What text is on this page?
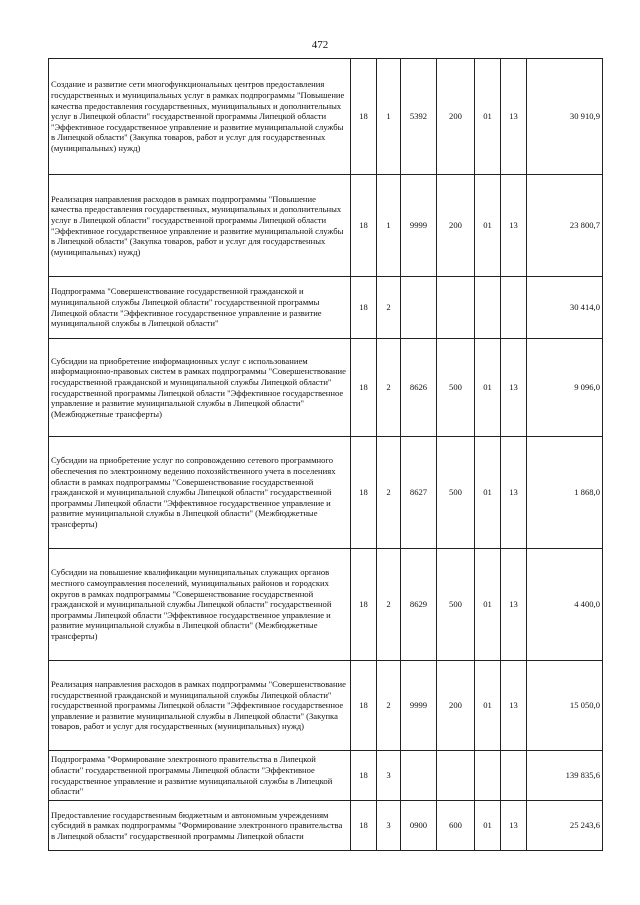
472
Создание и развитие сети многофункциональных центров предоставления государственных и муниципальных услуг в рамках подпрограммы "Повышение качества предоставления государственных, муниципальных и дополнительных услуг в Липецкой области" государственной программы Липецкой области "Эффективное государственное управление и развитие муниципальной службы в Липецкой области" (Закупка товаров, работ и услуг для государственных (муниципальных) нужд)	18	1	5392	200	01	13	30 910,9
Реализация направления расходов в рамках подпрограммы "Повышение качества предоставления государственных, муниципальных и дополнительных услуг в Липецкой области" государственной программы Липецкой области "Эффективное государственное управление и развитие муниципальной службы в Липецкой области" (Закупка товаров, работ и услуг для государственных (муниципальных) нужд)	18	1	9999	200	01	13	23 800,7
Подпрограмма "Совершенствование государственной гражданской и муниципальной службы Липецкой области" государственной программы Липецкой области "Эффективное государственное управление и развитие муниципальной службы в Липецкой области"	18	2					30 414,0
Субсидии на приобретение информационных услуг с использованием информационно-правовых систем в рамках подпрограммы "Совершенствование государственной гражданской и муниципальной службы Липецкой области" государственной программы Липецкой области "Эффективное государственное управление и развитие муниципальной службы в Липецкой области" (Межбюджетные трансферты)	18	2	8626	500	01	13	9 096,0
Субсидии на приобретение услуг по сопровождению сетевого программного обеспечения по электронному ведению похозяйственного учета в поселениях области в рамках подпрограммы "Совершенствование государственной гражданской и муниципальной службы Липецкой области" государственной программы Липецкой области "Эффективное государственное управление и развитие муниципальной службы в Липецкой области" (Межбюджетные трансферты)	18	2	8627	500	01	13	1 868,0
Субсидии на повышение квалификации муниципальных служащих органов местного самоуправления поселений, муниципальных районов и городских округов в рамках подпрограммы "Совершенствование государственной гражданской и муниципальной службы Липецкой области" государственной программы Липецкой области "Эффективное государственное управление и развитие муниципальной службы в Липецкой области" (Межбюджетные трансферты)	18	2	8629	500	01	13	4 400,0
Реализация направления расходов в рамках подпрограммы "Совершенствование государственной гражданской и муниципальной службы Липецкой области" государственной программы Липецкой области "Эффективное государственное управление и развитие муниципальной службы в Липецкой области" (Закупка товаров, работ и услуг для государственных (муниципальных) нужд)	18	2	9999	200	01	13	15 050,0
Подпрограмма "Формирование электронного правительства в Липецкой области" государственной программы Липецкой области "Эффективное государственное управление и развитие муниципальной службы в Липецкой области"	18	3					139 835,6
Предоставление государственным бюджетным и автономным учреждениям субсидий в рамках подпрограммы "Формирование электронного правительства в Липецкой области" государственной программы Липецкой области	18	3	0900	600	01	13	25 243,6
